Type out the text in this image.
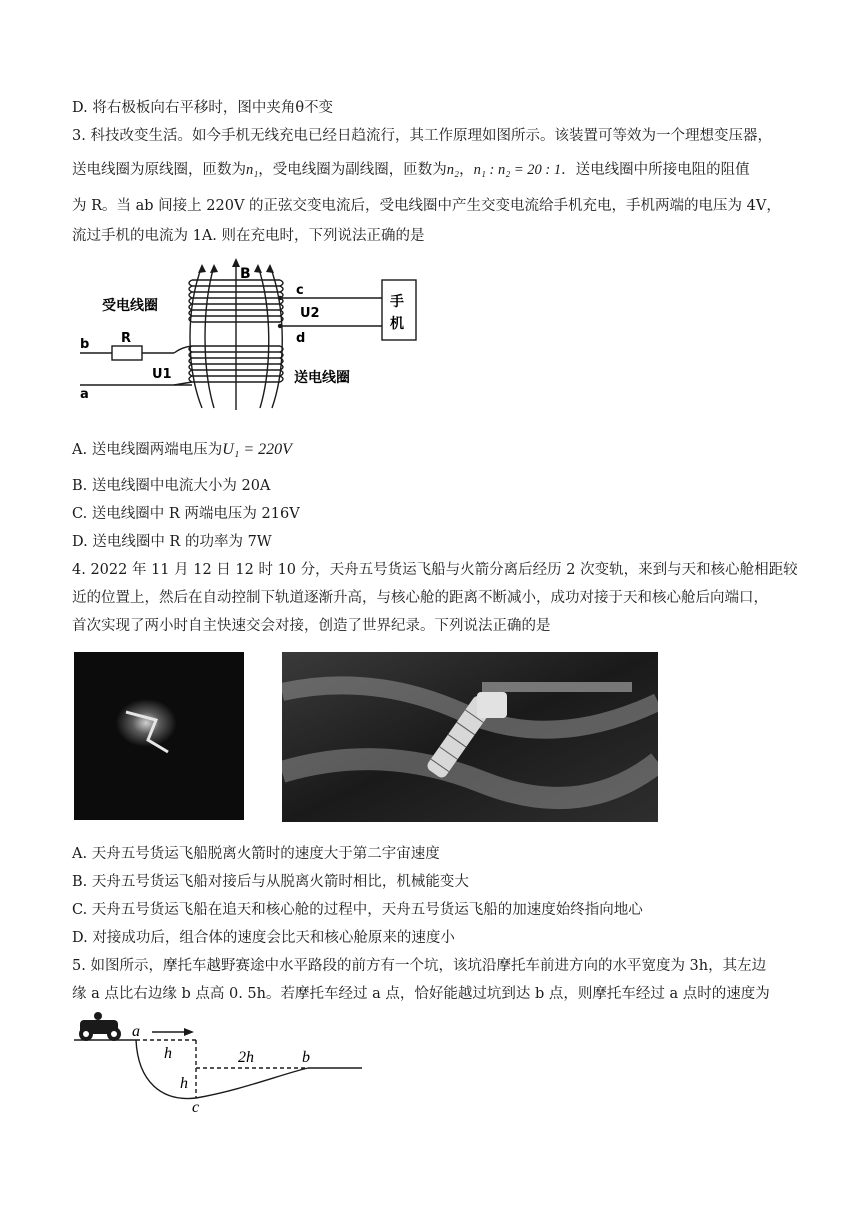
D. 将右极板向右平移时，图中夹角θ不变
3. 科技改变生活。如今手机无线充电已经日趋流行，其工作原理如图所示。该装置可等效为一个理想变压器，
送电线圈为原线圈，匝数为n₁，受电线圈为副线圈，匝数为n₂，n₁ : n₂ = 20 : 1．送电线圈中所接电阻的阻值
为 R。当 ab 间接上 220V 的正弦交变电流后，受电线圈中产生交变电流给手机充电，手机两端的电压为 4V，
流过手机的电流为 1A. 则在充电时，下列说法正确的是
B
受电线圈
送电线圈
c
d
U2
U1
手
机
b
a
R
A. 送电线圈两端电压为U₁ = 220V
B. 送电线圈中电流大小为 20A
C. 送电线圈中 R 两端电压为 216V
D. 送电线圈中 R 的功率为 7W
4. 2022 年 11 月 12 日 12 时 10 分，天舟五号货运飞船与火箭分离后经历 2 次变轨，来到与天和核心舱相距较
近的位置上，然后在自动控制下轨道逐渐升高，与核心舱的距离不断减小，成功对接于天和核心舱后向端口，
首次实现了两小时自主快速交会对接，创造了世界纪录。下列说法正确的是
A. 天舟五号货运飞船脱离火箭时的速度大于第二宇宙速度
B. 天舟五号货运飞船对接后与从脱离火箭时相比，机械能变大
C. 天舟五号货运飞船在追天和核心舱的过程中，天舟五号货运飞船的加速度始终指向地心
D. 对接成功后，组合体的速度会比天和核心舱原来的速度小
5. 如图所示，摩托车越野赛途中水平路段的前方有一个坑，该坑沿摩托车前进方向的水平宽度为 3h，其左边
缘 a 点比右边缘 b 点高 0. 5h。若摩托车经过 a 点，恰好能越过坑到达 b 点，则摩托车经过 a 点时的速度为
a
b
c
h
h
2h
